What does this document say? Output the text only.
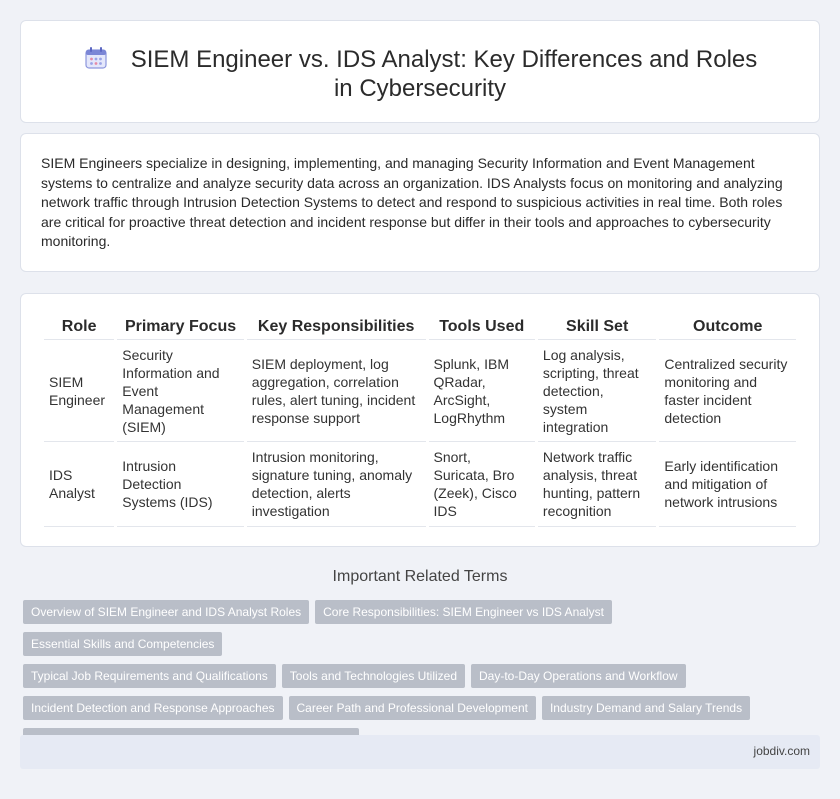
SIEM Engineer vs. IDS Analyst: Key Differences and Roles in Cybersecurity

SIEM Engineers specialize in designing, implementing, and managing Security Information and Event Management systems to centralize and analyze security data across an organization. IDS Analysts focus on monitoring and analyzing network traffic through Intrusion Detection Systems to detect and respond to suspicious activities in real time. Both roles are critical for proactive threat detection and incident response but differ in their tools and approaches to cybersecurity monitoring.

Role	Primary Focus	Key Responsibilities	Tools Used	Skill Set	Outcome
SIEM Engineer	Security Information and Event Management (SIEM)	SIEM deployment, log aggregation, correlation rules, alert tuning, incident response support	Splunk, IBM QRadar, ArcSight, LogRhythm	Log analysis, scripting, threat detection, system integration	Centralized security monitoring and faster incident detection
IDS Analyst	Intrusion Detection Systems (IDS)	Intrusion monitoring, signature tuning, anomaly detection, alerts investigation	Snort, Suricata, Bro (Zeek), Cisco IDS	Network traffic analysis, threat hunting, pattern recognition	Early identification and mitigation of network intrusions
Important Related Terms
Overview of SIEM Engineer and IDS Analyst Roles Core Responsibilities: SIEM Engineer vs IDS AnalystEssential Skills and Competencies
Typical Job Requirements and Qualifications Tools and Technologies Utilized Day-to-Day Operations and Workflow
Incident Detection and Response Approaches Career Path and Professional Development Industry Demand and Salary Trends

jobdiv.com
